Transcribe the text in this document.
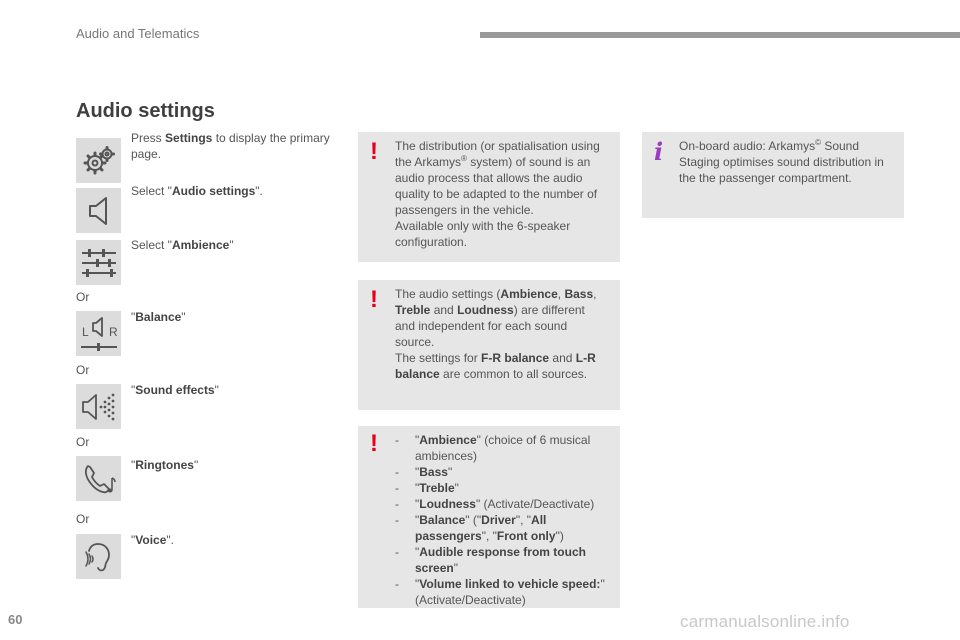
Audio and Telematics
Audio settings
Press Settings to display the primary page.
Select "Audio settings".
Select "Ambience"
Or
L R
"Balance"
Or
"Sound effects"
Or
"Ringtones"
Or
"Voice".
! The distribution (or spatialisation using the Arkamys® system) of sound is an audio process that allows the audio quality to be adapted to the number of passengers in the vehicle.
Available only with the 6-speaker configuration.
! The audio settings (Ambience, Bass, Treble and Loudness) are different and independent for each sound source.
The settings for F-R balance and L-R balance are common to all sources.
! - "Ambience" (choice of 6 musical ambiences)
- "Bass"
- "Treble"
- "Loudness" (Activate/Deactivate)
- "Balance" ("Driver", "All passengers", "Front only")
- "Audible response from touch screen"
- "Volume linked to vehicle speed:" (Activate/Deactivate)
i On-board audio: Arkamys© Sound Staging optimises sound distribution in the the passenger compartment.
60	carmanualsonline.info
